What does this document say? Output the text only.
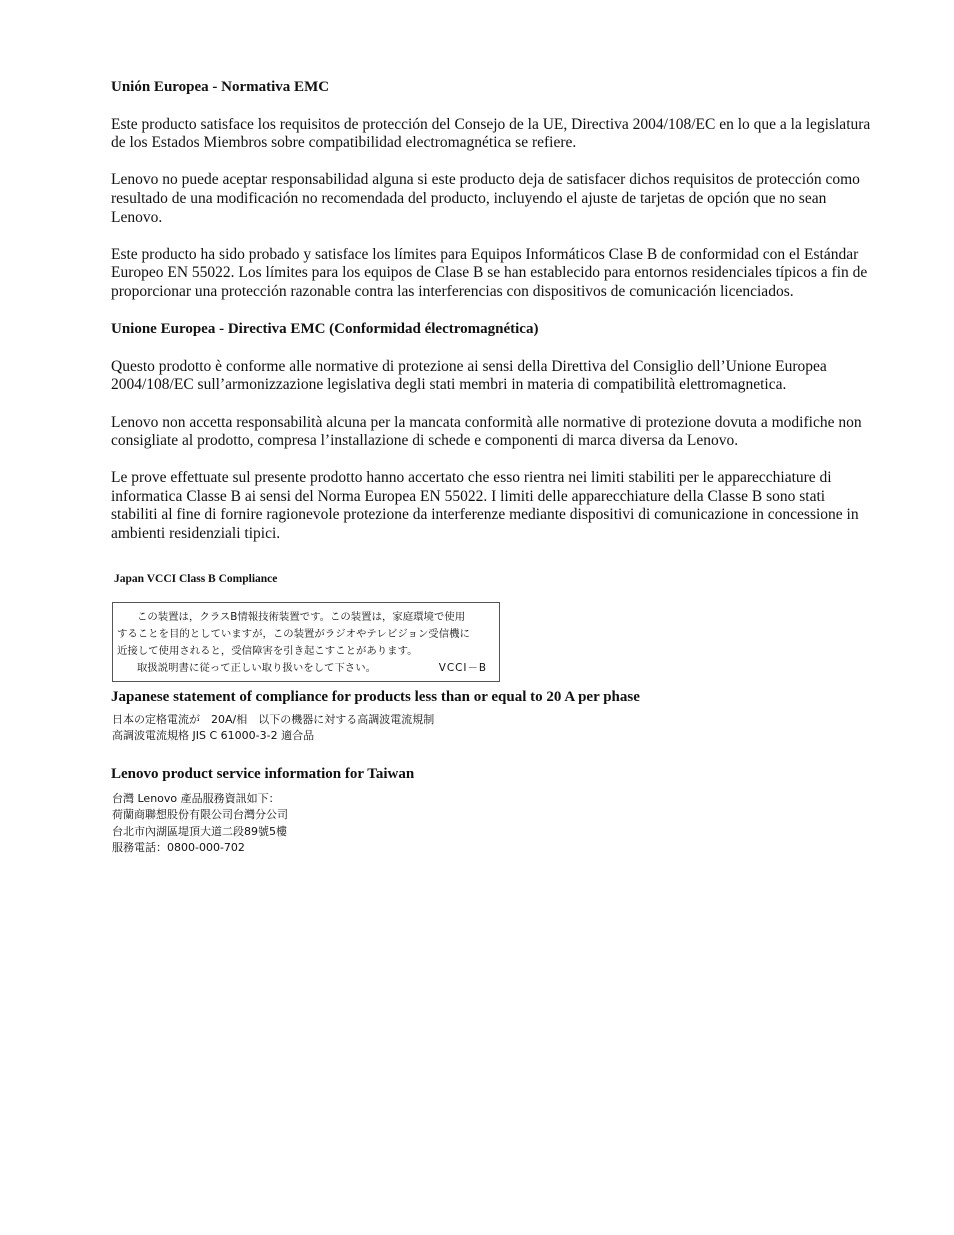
Unión Europea - Normativa EMC

Este producto satisface los requisitos de protección del Consejo de la UE, Directiva 2004/108/EC en lo que a la legislatura de los Estados Miembros sobre compatibilidad electromagnética se refiere.

Lenovo no puede aceptar responsabilidad alguna si este producto deja de satisfacer dichos requisitos de protección como resultado de una modificación no recomendada del producto, incluyendo el ajuste de tarjetas de opción que no sean Lenovo.

Este producto ha sido probado y satisface los límites para Equipos Informáticos Clase B de conformidad con el Estándar Europeo EN 55022. Los límites para los equipos de Clase B se han establecido para entornos residenciales típicos a fin de proporcionar una protección razonable contra las interferencias con dispositivos de comunicación licenciados.

Unione Europea - Directiva EMC (Conformidad électromagnética)

Questo prodotto è conforme alle normative di protezione ai sensi della Direttiva del Consiglio dell’Unione Europea 2004/108/EC sull’armonizzazione legislativa degli stati membri in materia di compatibilità elettromagnetica.

Lenovo non accetta responsabilità alcuna per la mancata conformità alle normative di protezione dovuta a modifiche non consigliate al prodotto, compresa l’installazione di schede e componenti di marca diversa da Lenovo.

Le prove effettuate sul presente prodotto hanno accertato che esso rientra nei limiti stabiliti per le apparecchiature di informatica Classe B ai sensi del Norma Europea EN 55022. I limiti delle apparecchiature della Classe B sono stati stabiliti al fine di fornire ragionevole protezione da interferenze mediante dispositivi di comunicazione in concessione in ambienti residenziali tipici.

Japan VCCI Class B Compliance

この装置は，クラスB情報技術装置です。この装置は，家庭環境で使用
することを目的としていますが，この装置がラジオやテレビジョン受信機に
近接して使用されると，受信障害を引き起こすことがあります。
取扱説明書に従って正しい取り扱いをして下さい。	VCCI－B

Japanese statement of compliance for products less than or equal to 20 A per phase

日本の定格電流が　20A/相　以下の機器に対する高調波電流規制
高調波電流規格 JIS C 61000-3-2 適合品

Lenovo product service information for Taiwan

台灣 Lenovo 產品服務資訊如下：
荷蘭商聯想股份有限公司台灣分公司
台北市內湖區堤頂大道二段89號5樓
服務電話：0800-000-702
